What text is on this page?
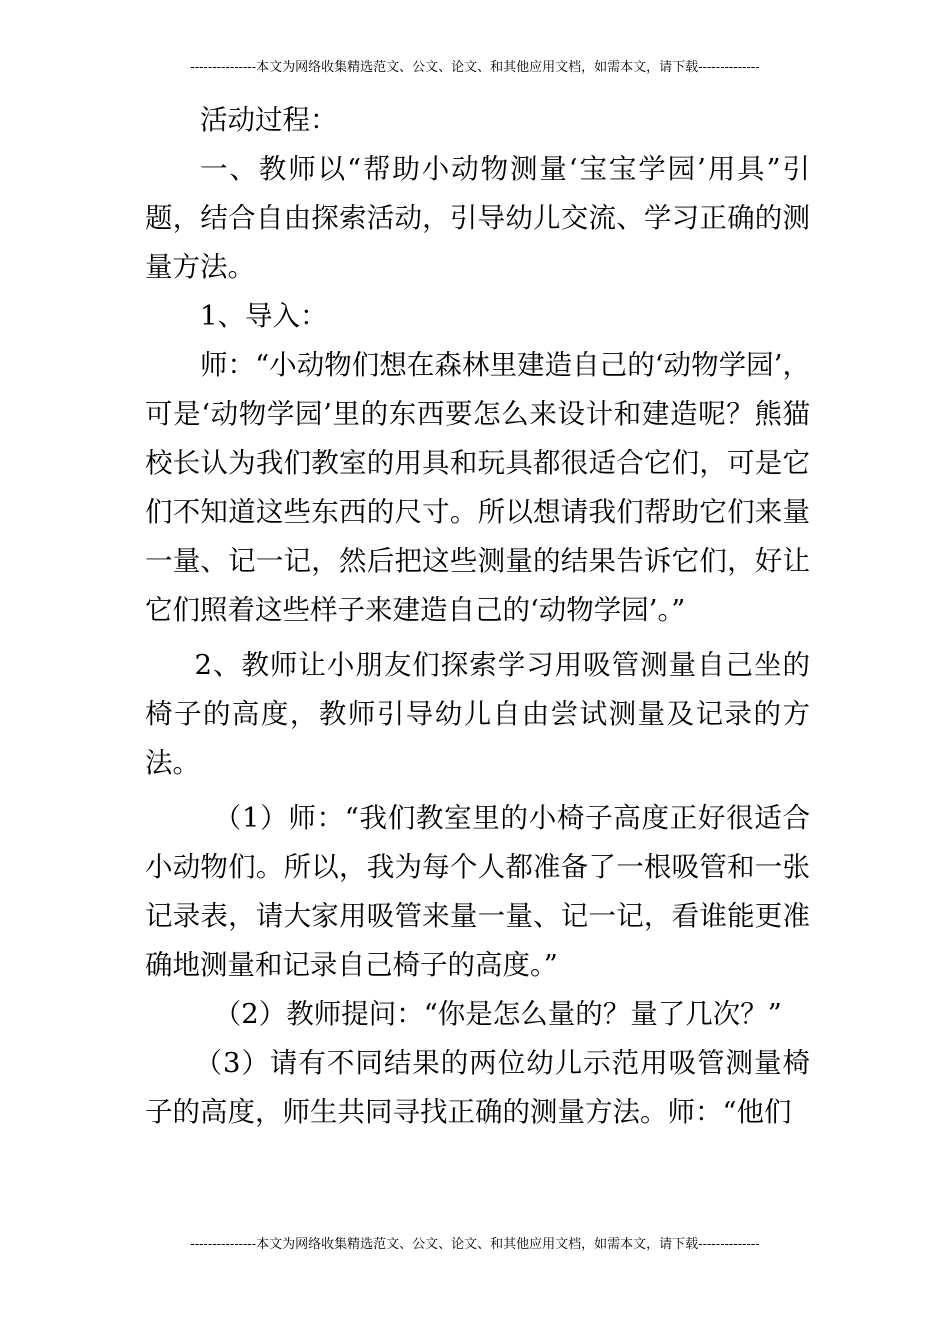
---------------本文为网络收集精选范文、公文、论文、和其他应用文档，如需本文，请下载--------------

活动过程：

一、教师以“帮助小动物测量‘宝宝学园’用具”引题，结合自由探索活动，引导幼儿交流、学习正确的测量方法。

1、导入：

师：“小动物们想在森林里建造自己的‘动物学园’，可是‘动物学园’里的东西要怎么来设计和建造呢？熊猫校长认为我们教室的用具和玩具都很适合它们，可是它们不知道这些东西的尺寸。所以想请我们帮助它们来量一量、记一记，然后把这些测量的结果告诉它们，好让它们照着这些样子来建造自己的‘动物学园’。”

2、教师让小朋友们探索学习用吸管测量自己坐的椅子的高度，教师引导幼儿自由尝试测量及记录的方法。

（1）师：“我们教室里的小椅子高度正好很适合小动物们。所以，我为每个人都准备了一根吸管和一张记录表，请大家用吸管来量一量、记一记，看谁能更准确地测量和记录自己椅子的高度。”

（2）教师提问：“你是怎么量的？量了几次？”

（3）请有不同结果的两位幼儿示范用吸管测量椅子的高度，师生共同寻找正确的测量方法。师：“他们

---------------本文为网络收集精选范文、公文、论文、和其他应用文档，如需本文，请下载--------------
